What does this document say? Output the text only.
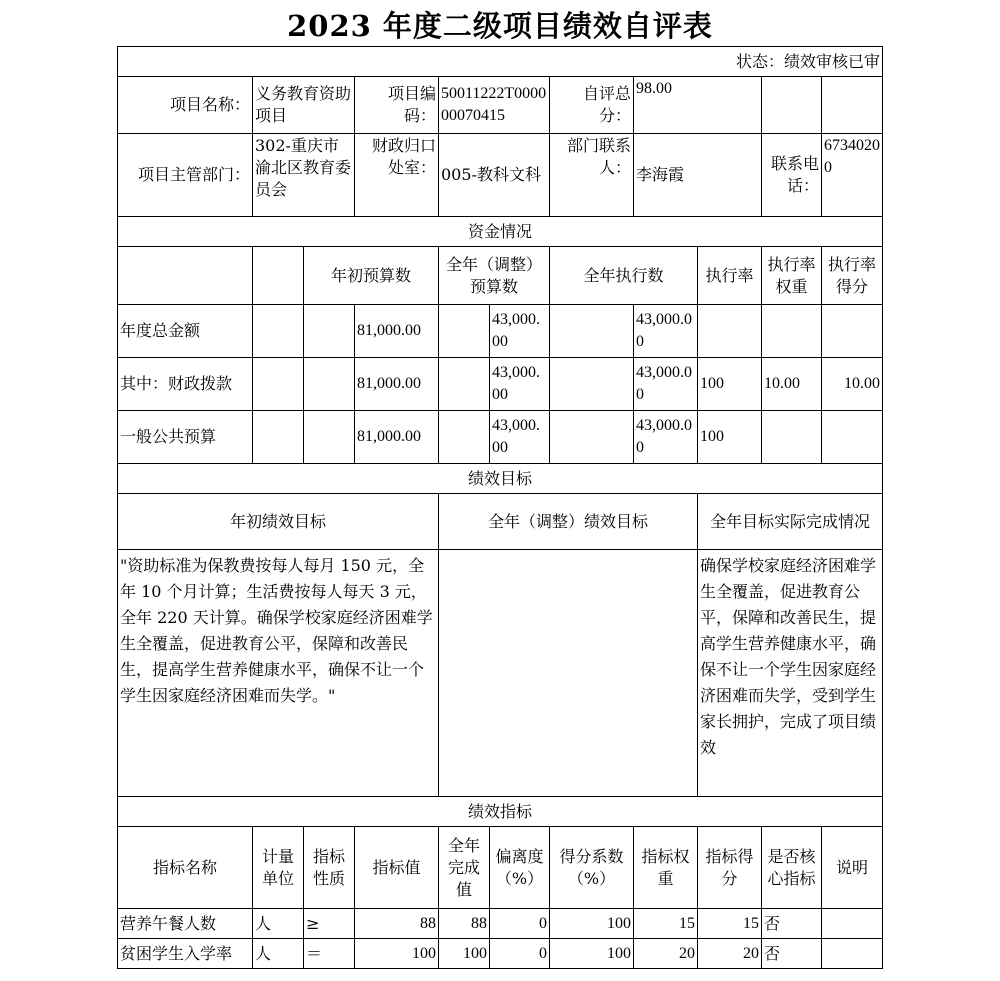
2023 年度二级项目绩效自评表
状态：绩效审核已审										
项目名称：	义务教育资助项目		项目编码：	50011222T000000070415		自评总分：	98.00			
项目主管部门：	302-重庆市渝北区教育委员会		财政归口处室：	005-教科文科		部门联系人：	李海霞		联系电话：	67340200
资金情况										
		年初预算数		全年（调整）预算数		全年执行数		执行率	执行率权重	执行率得分
年度总金额			81,000.00		43,000.00		43,000.00			
其中：财政拨款			81,000.00		43,000.00		43,000.00	100	10.00	10.00
一般公共预算			81,000.00		43,000.00		43,000.00	100		
绩效目标										
年初绩效目标				全年（调整）绩效目标				全年目标实际完成情况		
"资助标准为保教费按每人每月 150 元，全年 10 个月计算；生活费按每人每天 3 元，全年 220 天计算。确保学校家庭经济困难学生全覆盖，促进教育公平，保障和改善民生，提高学生营养健康水平，确保不让一个学生因家庭经济困难而失学。"								确保学校家庭经济困难学生全覆盖，促进教育公平，保障和改善民生，提高学生营养健康水平，确保不让一个学生因家庭经济困难而失学，受到学生家长拥护，完成了项目绩效		
绩效指标										
指标名称	计量单位	指标性质	指标值	全年完成值	偏离度（%）	得分系数（%）	指标权重	指标得分	是否核心指标	说明
营养午餐人数	人	≥	88	88	0	100	15	15	否	
贫困学生入学率	人	＝	100	100	0	100	20	20	否	
